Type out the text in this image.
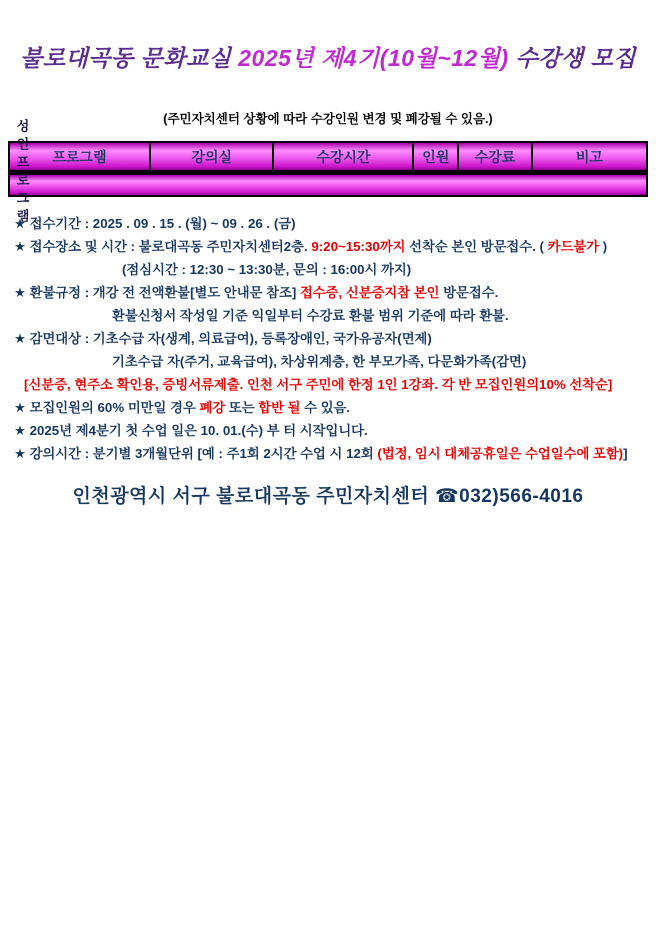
불로대곡동 문화교실 2025년 제4기(10월~12월) 수강생 모집
(주민자치센터 상황에 따라 수강인원 변경 및 폐강될 수 있음.)
프로그램	강의실	수강시간	인원	수강료	비고
성인프로그램
★ 접수기간 : 2025 . 09 . 15 . (월) ~ 09 . 26 . (금)
★ 접수장소 및 시간 : 불로대곡동 주민자치센터2층. 9:20~15:30까지 선착순 본인 방문접수. ( 카드불가 )
(점심시간 : 12:30 ~ 13:30분, 문의 : 16:00시 까지)
★ 환불규정 : 개강 전 전액환불[별도 안내문 참조] 접수증, 신분증지참 본인 방문접수.
환불신청서 작성일 기준 익일부터 수강료 환불 범위 기준에 따라 환불.
★ 감면대상 : 기초수급 자(생계, 의료급여), 등록장애인, 국가유공자(면제)
기초수급 자(주거, 교육급여), 차상위계층, 한 부모가족, 다문화가족(감면)
[신분증, 현주소 확인용, 증빙서류제출. 인천 서구 주민에 한정 1인 1강좌. 각 반 모집인원의10% 선착순]
★ 모집인원의 60% 미만일 경우 폐강 또는 합반 될 수 있음.
★ 2025년 제4분기 첫 수업 일은 10. 01.(수) 부 터 시작입니다.
★ 강의시간 : 분기별 3개월단위 [예 : 주1회 2시간 수업 시 12회 (법정, 임시 대체공휴일은 수업일수에 포함)]
인천광역시 서구 불로대곡동 주민자치센터 ☎032)566-4016
